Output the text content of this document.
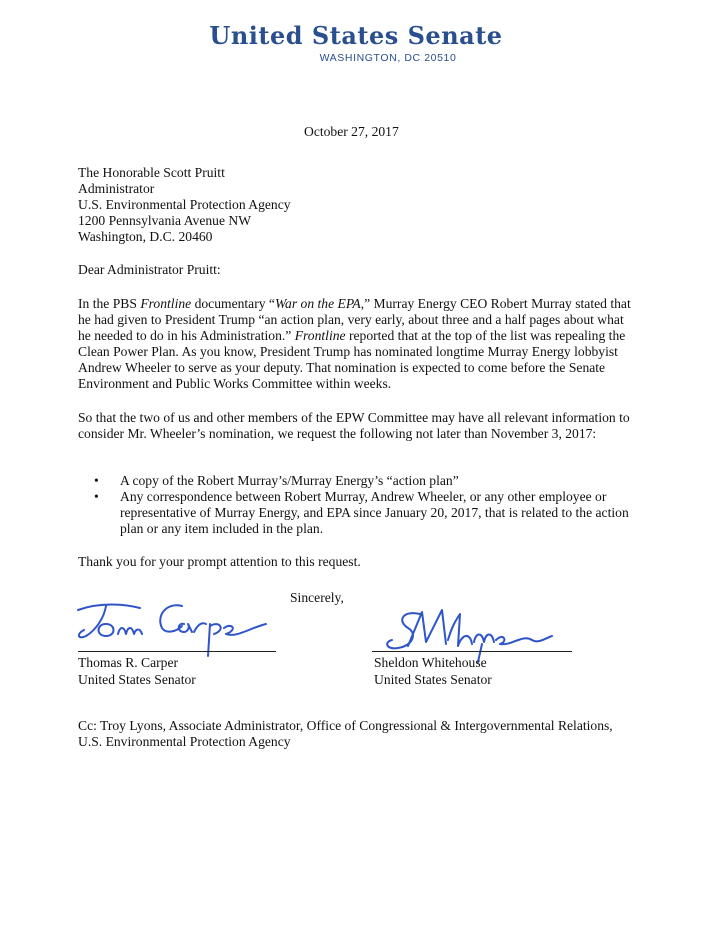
United States Senate
WASHINGTON, DC 20510
October 27, 2017
The Honorable Scott Pruitt
Administrator
U.S. Environmental Protection Agency
1200 Pennsylvania Avenue NW
Washington, D.C. 20460
Dear Administrator Pruitt:
In the PBS Frontline documentary “War on the EPA,” Murray Energy CEO Robert Murray stated that he had given to President Trump “an action plan, very early, about three and a half pages about what he needed to do in his Administration.” Frontline reported that at the top of the list was repealing the Clean Power Plan. As you know, President Trump has nominated longtime Murray Energy lobbyist Andrew Wheeler to serve as your deputy. That nomination is expected to come before the Senate Environment and Public Works Committee within weeks.
So that the two of us and other members of the EPW Committee may have all relevant information to consider Mr. Wheeler’s nomination, we request the following not later than November 3, 2017:
• A copy of the Robert Murray’s/Murray Energy’s “action plan”
• Any correspondence between Robert Murray, Andrew Wheeler, or any other employee or representative of Murray Energy, and EPA since January 20, 2017, that is related to the action plan or any item included in the plan.
Thank you for your prompt attention to this request.
Sincerely,
Thomas R. Carper
United States Senator
Sheldon Whitehouse
United States Senator
Cc: Troy Lyons, Associate Administrator, Office of Congressional & Intergovernmental Relations, U.S. Environmental Protection Agency
